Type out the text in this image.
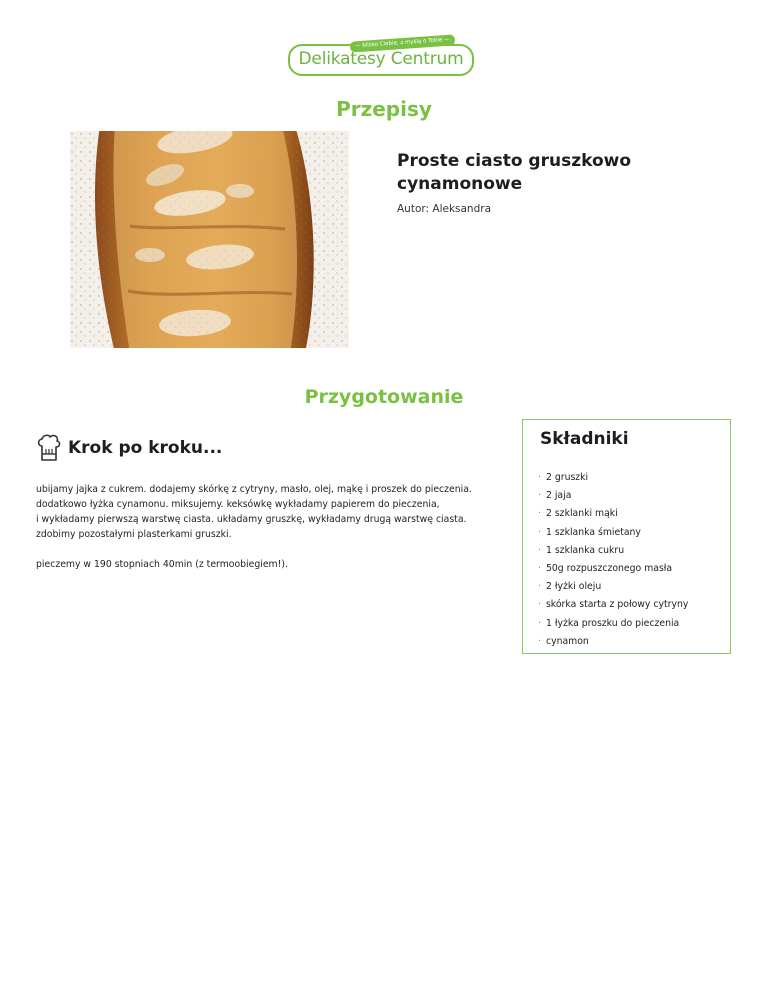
Delikatesy Centrum
— blisko Ciebie, z myślą o Tobie —
Przepisy
Proste ciasto gruszkowo cynamonowe
Autor: Aleksandra
Przygotowanie
Krok po kroku...

ubijamy jajka z cukrem. dodajemy skórkę z cytryny, masło, olej, mąkę i proszek do pieczenia.
dodatkowo łyżka cynamonu. miksujemy. keksówkę wykładamy papierem do pieczenia,
i wykładamy pierwszą warstwę ciasta. układamy gruszkę, wykładamy drugą warstwę ciasta.
zdobimy pozostałymi plasterkami gruszki.

pieczemy w 190 stopniach 40min (z termoobiegiem!).

Składniki
· 2 gruszki
· 2 jaja
· 2 szklanki mąki
· 1 szklanka śmietany
· 1 szklanka cukru
· 50g rozpuszczonego masła
· 2 łyżki oleju
· skórka starta z połowy cytryny
· 1 łyżka proszku do pieczenia
· cynamon
